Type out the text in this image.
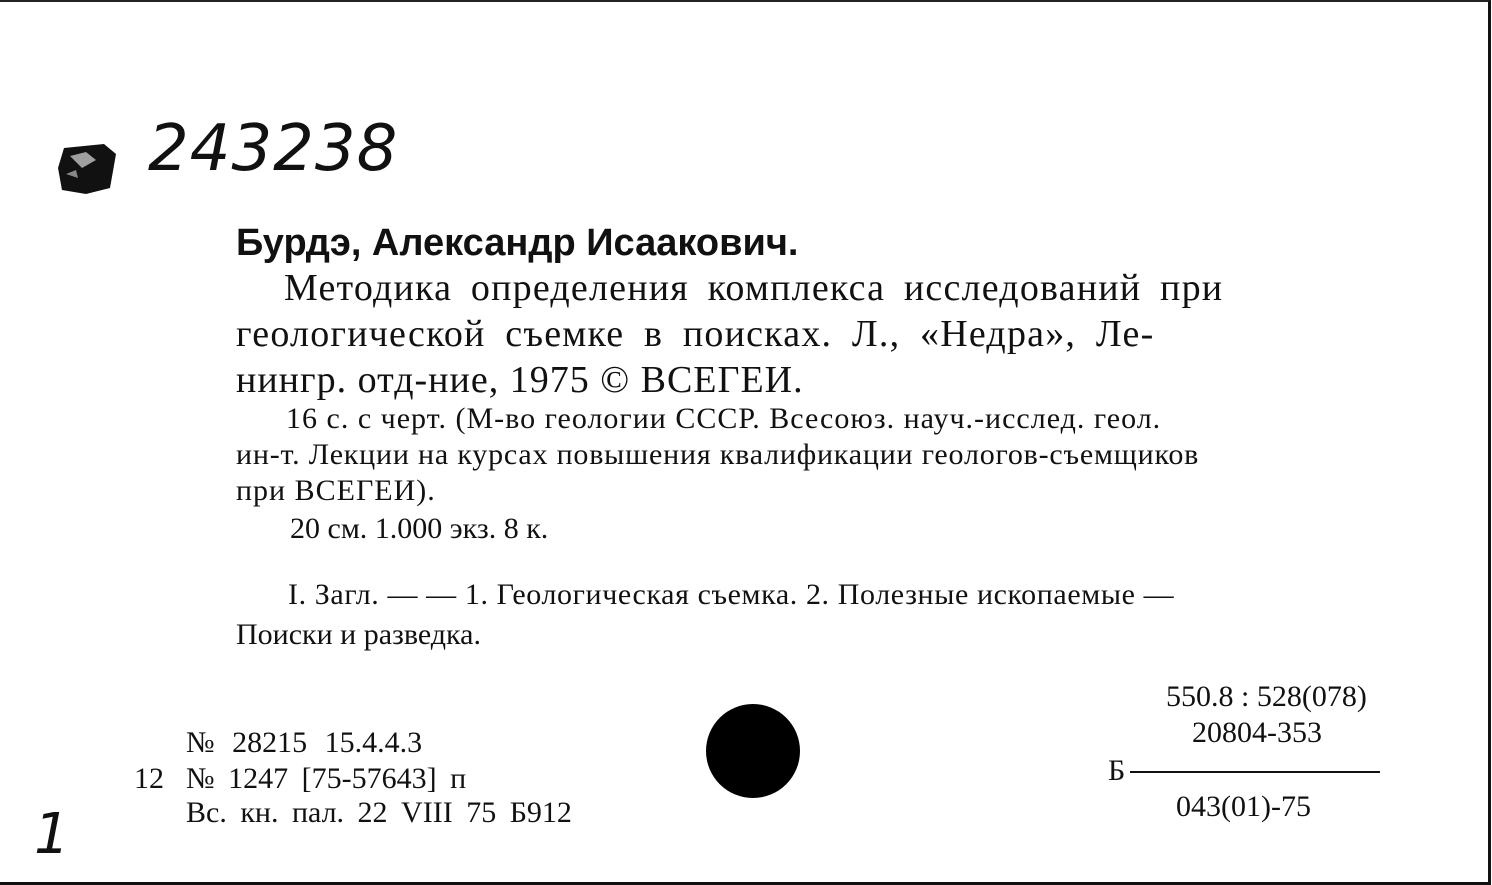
243238
Бурдэ, Александр Исаакович.
Методика определения комплекса исследований при
геологической съемке в поисках. Л., «Недра», Ле-
нингр. отд-ние, 1975 © ВСЕГЕИ.
16 с. с черт. (М-во геологии СССР. Всесоюз. науч.-исслед. геол.
ин-т. Лекции на курсах повышения квалификации геологов-съемщиков
при ВСЕГЕИ).
20 см. 1.000 экз. 8 к.
I. Загл. — — 1. Геологическая съемка. 2. Полезные ископаемые —
Поиски и разведка.
№ 28215 15.4.4.3
12 № 1247 [75-57643] п
Вс. кн. пал. 22 VIII 75 Б912
550.8 : 528(078)
20804-353
Б
043(01)-75
1
